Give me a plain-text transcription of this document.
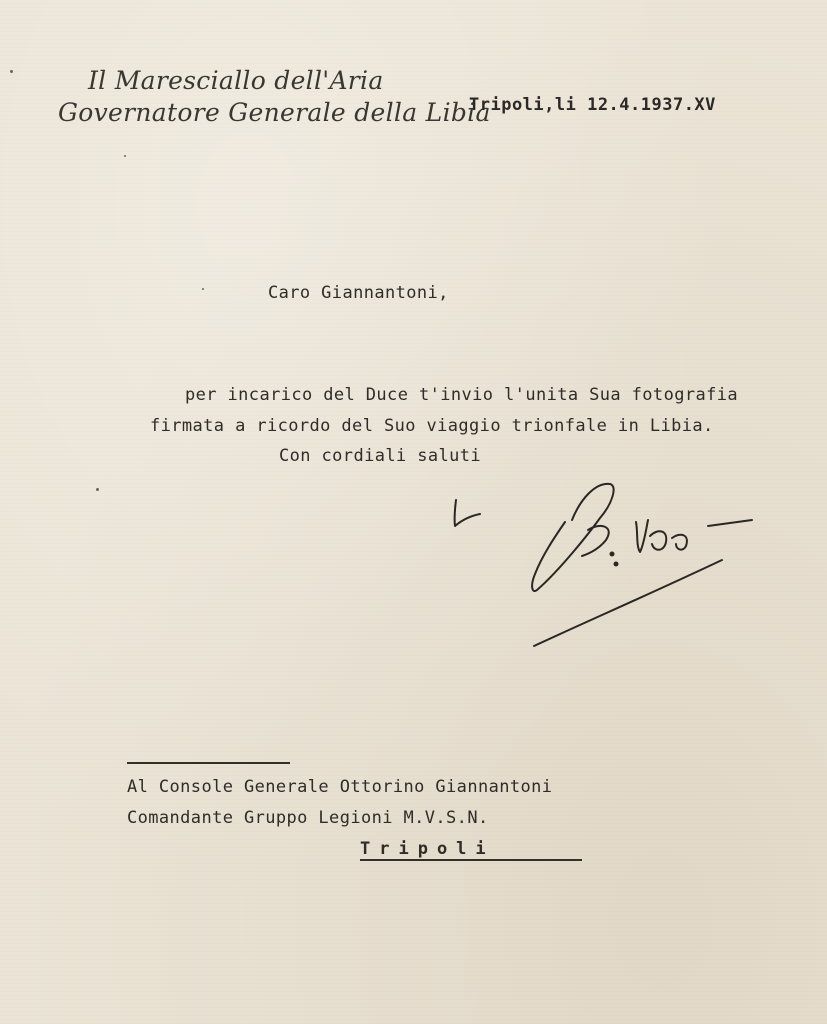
Il Maresciallo dell'Aria
Governatore Generale della Libia
Tripoli,li 12.4.1937.XV
Caro Giannantoni,
per incarico del Duce t'invio l'unita Sua fotografia
firmata a ricordo del Suo viaggio trionfale in Libia.
Con cordiali saluti
Al Console Generale Ottorino Giannantoni
Comandante Gruppo Legioni M.V.S.N.
Tripoli
